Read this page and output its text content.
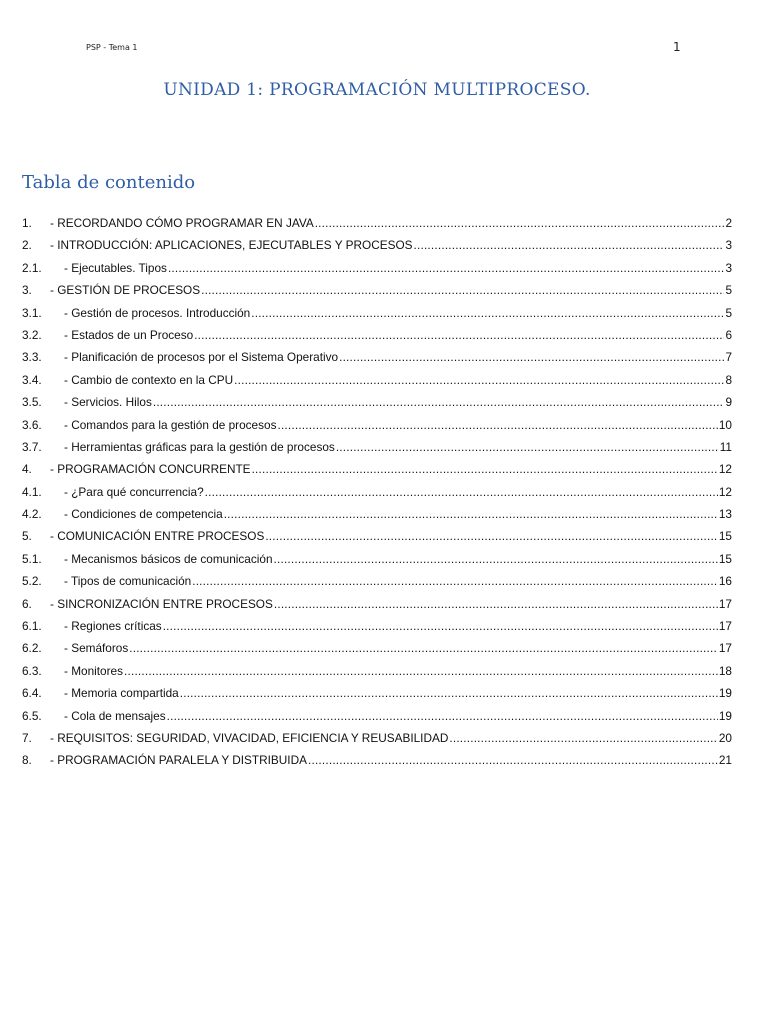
PSP - Tema 1	1
UNIDAD 1: PROGRAMACIÓN MULTIPROCESO.
Tabla de contenido
1.	- RECORDANDO CÓMO PROGRAMAR EN JAVA .....	2
2.	- INTRODUCCIÓN: APLICACIONES, EJECUTABLES Y PROCESOS .....	3
2.1.	- Ejecutables. Tipos .....	3
3.	- GESTIÓN DE PROCESOS .....	5
3.1.	- Gestión de procesos. Introducción .....	5
3.2.	- Estados de un Proceso .....	6
3.3.	- Planificación de procesos por el Sistema Operativo .....	7
3.4.	- Cambio de contexto en la CPU .....	8
3.5.	- Servicios. Hilos .....	9
3.6.	- Comandos para la gestión de procesos .....	10
3.7.	- Herramientas gráficas para la gestión de procesos .....	11
4.	- PROGRAMACIÓN CONCURRENTE .....	12
4.1.	- ¿Para qué concurrencia? .....	12
4.2.	- Condiciones de competencia .....	13
5.	- COMUNICACIÓN ENTRE PROCESOS .....	15
5.1.	- Mecanismos básicos de comunicación .....	15
5.2.	- Tipos de comunicación .....	16
6.	- SINCRONIZACIÓN ENTRE PROCESOS .....	17
6.1.	- Regiones críticas .....	17
6.2.	- Semáforos .....	17
6.3.	- Monitores .....	18
6.4.	- Memoria compartida .....	19
6.5.	- Cola de mensajes .....	19
7.	- REQUISITOS: SEGURIDAD, VIVACIDAD, EFICIENCIA Y REUSABILIDAD .....	20
8.	- PROGRAMACIÓN PARALELA Y DISTRIBUIDA .....	21
